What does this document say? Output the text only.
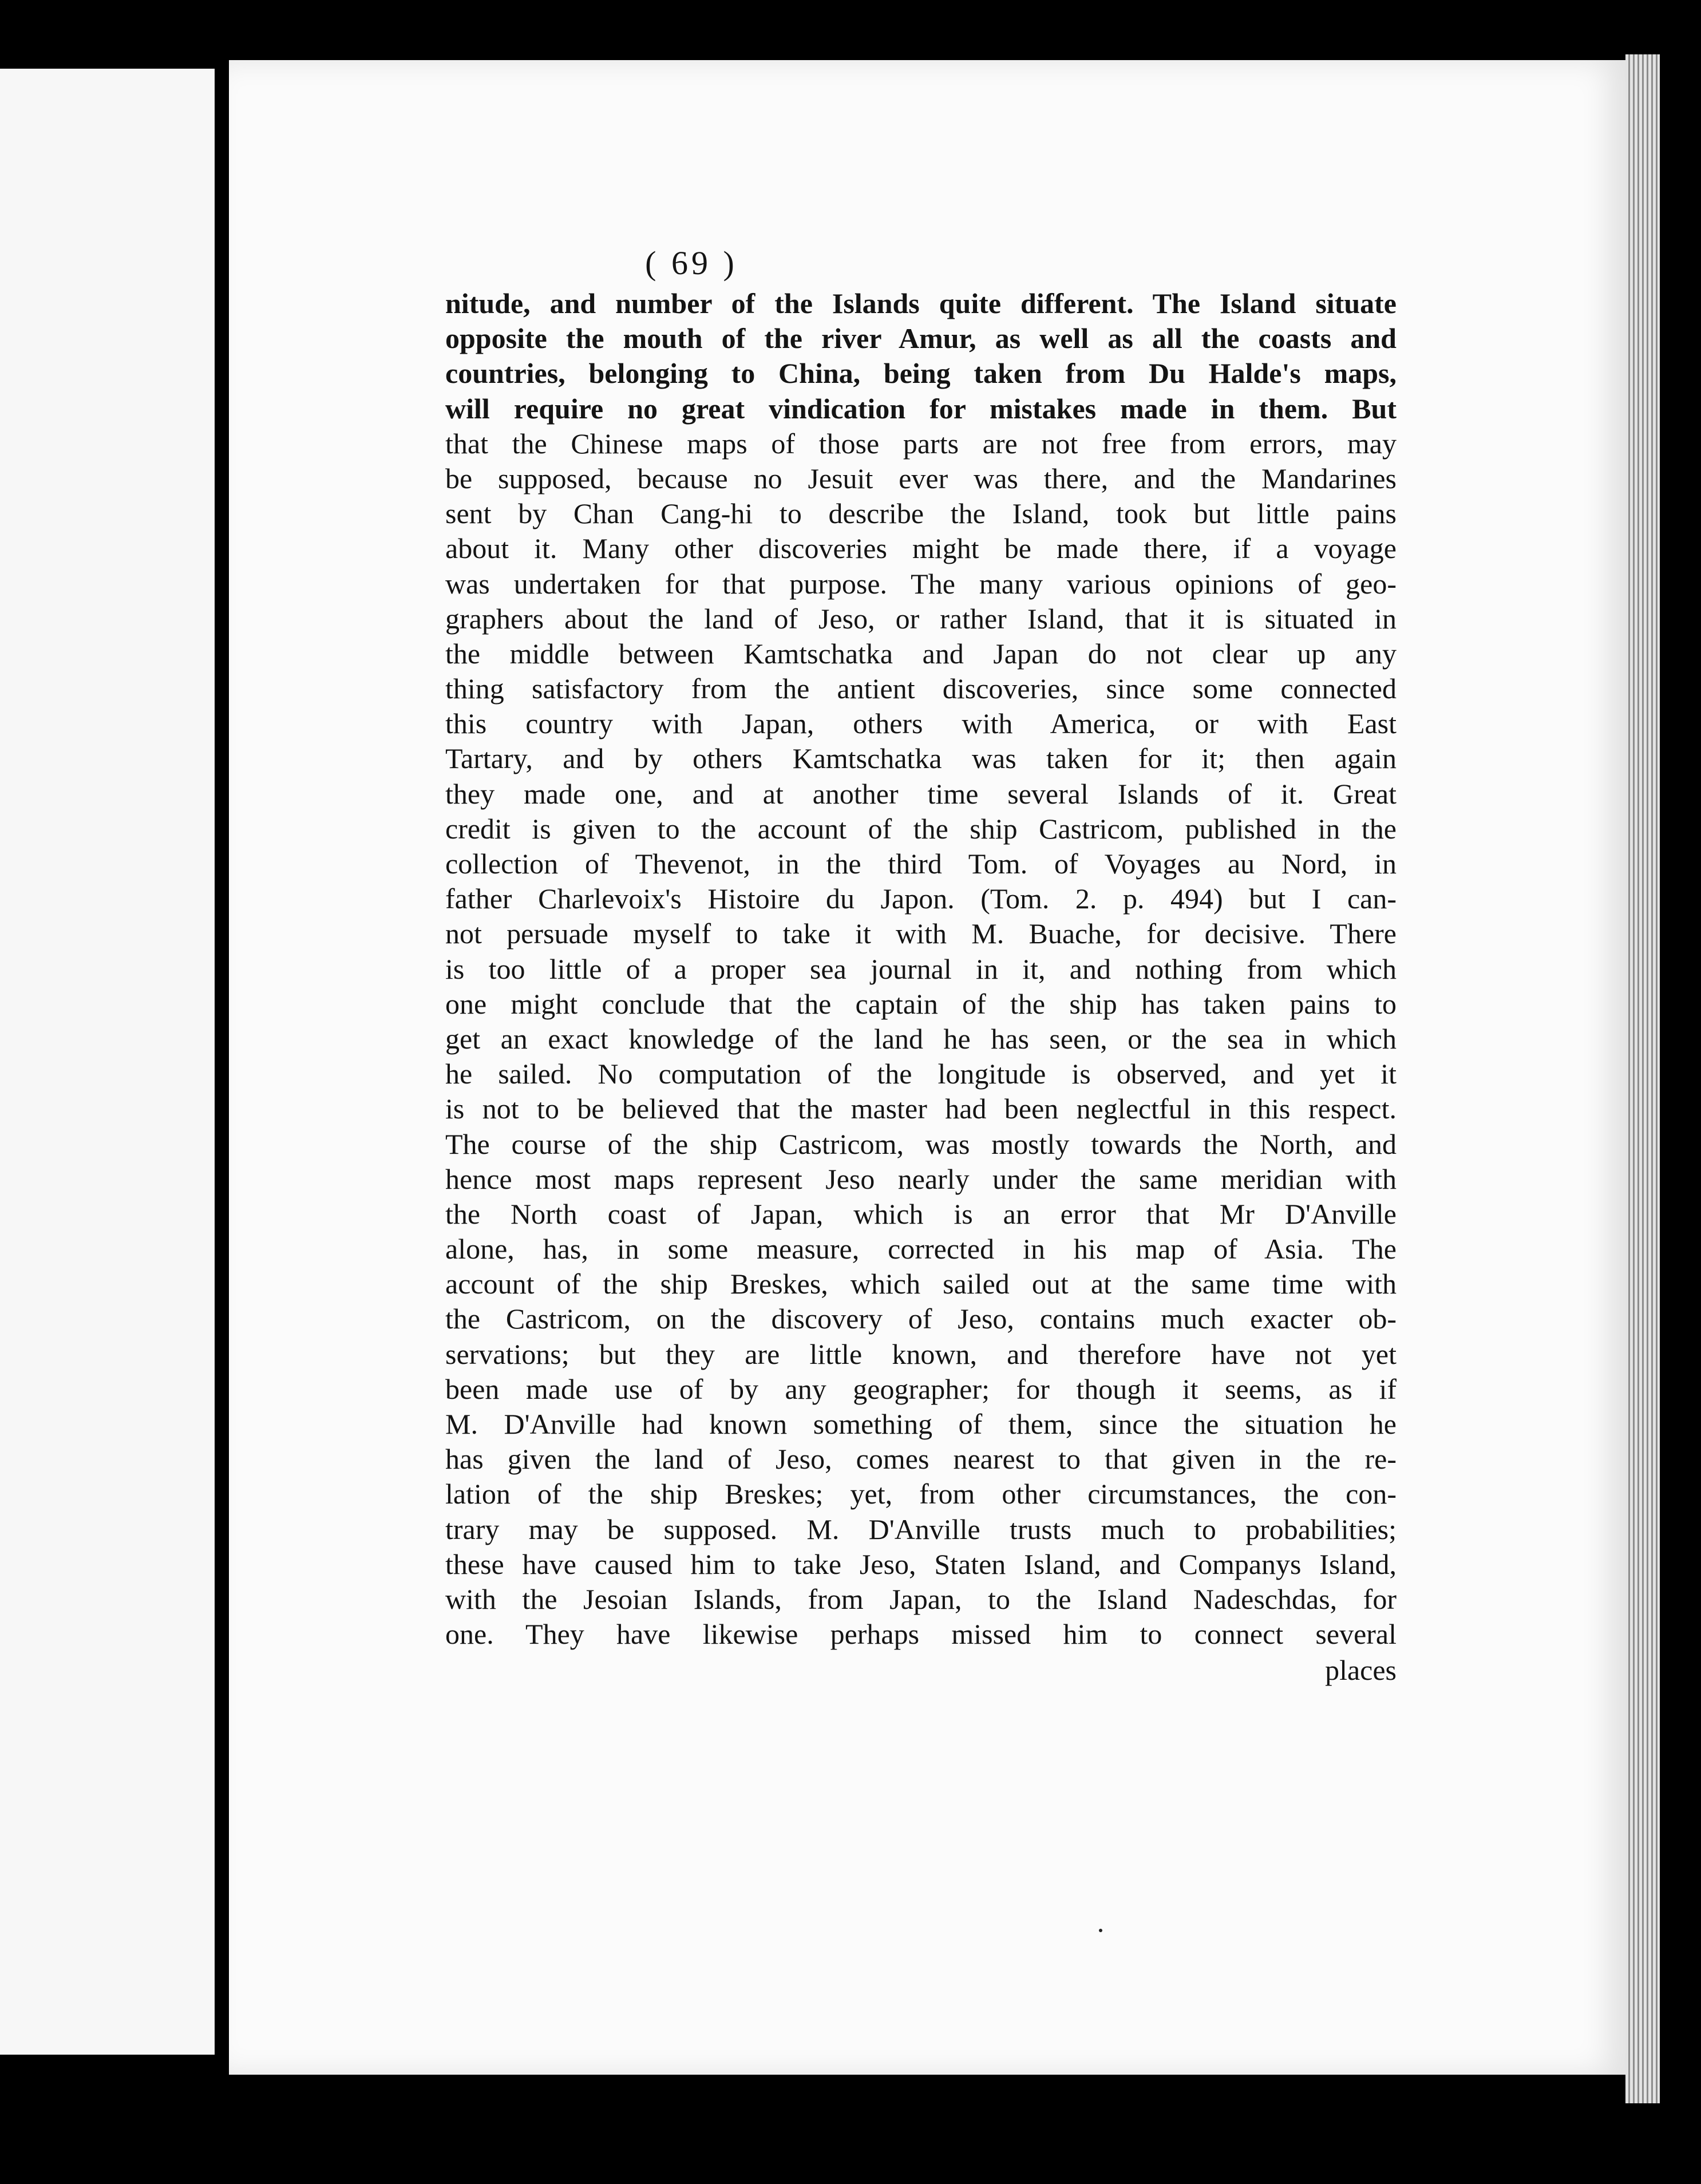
( 69 )
nitude, and number of the Islands quite different. The Island situate
opposite the mouth of the river Amur, as well as all the coasts and
countries, belonging to China, being taken from Du Halde's maps,
will require no great vindication for mistakes made in them. But
that the Chinese maps of those parts are not free from errors, may
be supposed, because no Jesuit ever was there, and the Mandarines
sent by Chan Cang-hi to describe the Island, took but little pains
about it. Many other discoveries might be made there, if a voyage
was undertaken for that purpose. The many various opinions of geo-
graphers about the land of Jeso, or rather Island, that it is situated in
the middle between Kamtschatka and Japan do not clear up any
thing satisfactory from the antient discoveries, since some connected
this country with Japan, others with America, or with East
Tartary, and by others Kamtschatka was taken for it; then again
they made one, and at another time several Islands of it. Great
credit is given to the account of the ship Castricom, published in the
collection of Thevenot, in the third Tom. of Voyages au Nord, in
father Charlevoix's Histoire du Japon. (Tom. 2. p. 494) but I can-
not persuade myself to take it with M. Buache, for decisive. There
is too little of a proper sea journal in it, and nothing from which
one might conclude that the captain of the ship has taken pains to
get an exact knowledge of the land he has seen, or the sea in which
he sailed. No computation of the longitude is observed, and yet it
is not to be believed that the master had been neglectful in this respect.
The course of the ship Castricom, was mostly towards the North, and
hence most maps represent Jeso nearly under the same meridian with
the North coast of Japan, which is an error that Mr D'Anville
alone, has, in some measure, corrected in his map of Asia. The
account of the ship Breskes, which sailed out at the same time with
the Castricom, on the discovery of Jeso, contains much exacter ob-
servations; but they are little known, and therefore have not yet
been made use of by any geographer; for though it seems, as if
M. D'Anville had known something of them, since the situation he
has given the land of Jeso, comes nearest to that given in the re-
lation of the ship Breskes; yet, from other circumstances, the con-
trary may be supposed. M. D'Anville trusts much to probabilities;
these have caused him to take Jeso, Staten Island, and Companys Island,
with the Jesoian Islands, from Japan, to the Island Nadeschdas, for
one. They have likewise perhaps missed him to connect several
places
